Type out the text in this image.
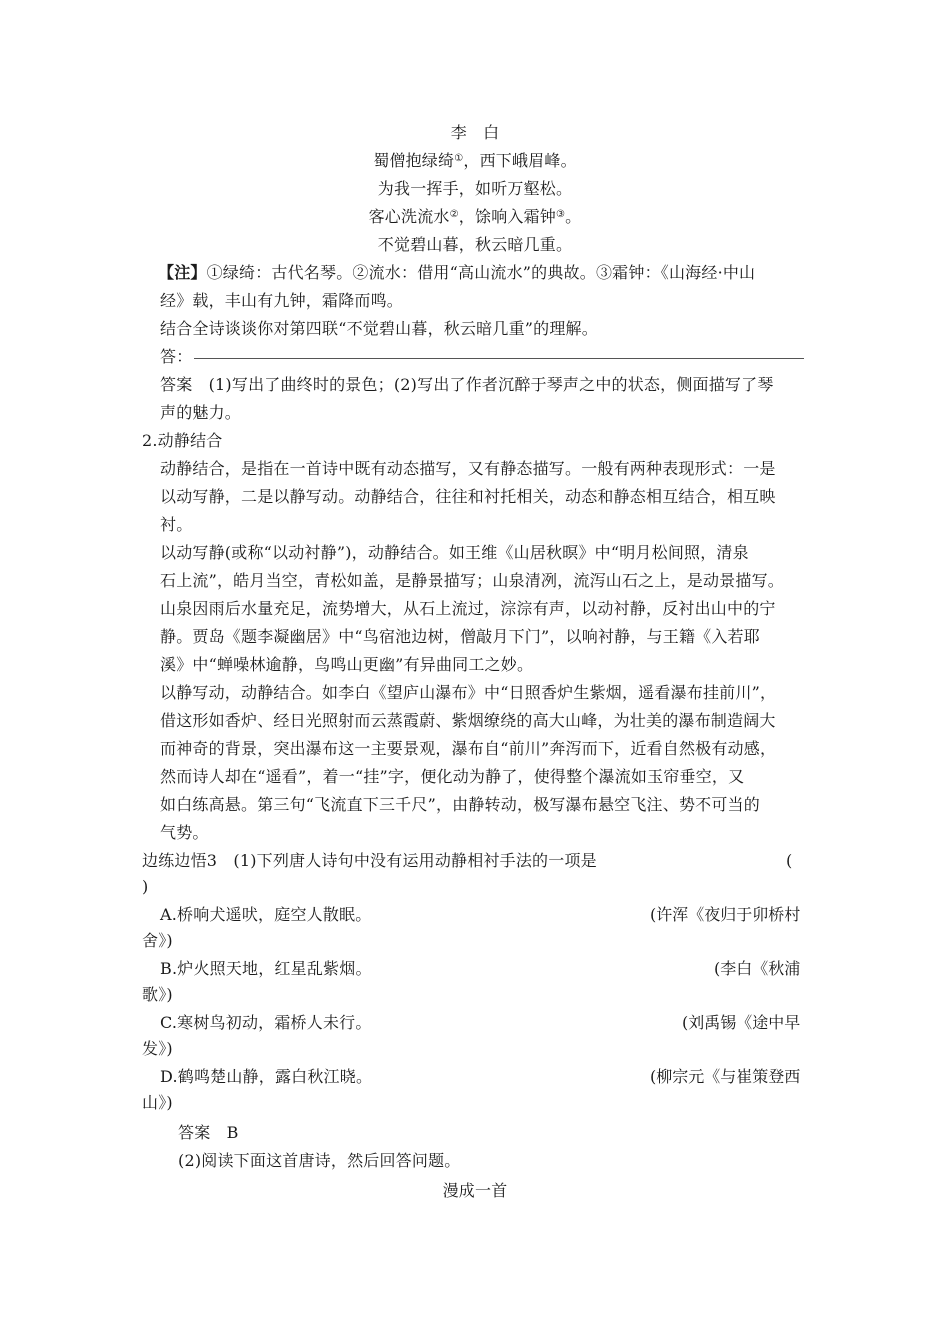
李　白
蜀僧抱绿绮①，西下峨眉峰。
为我一挥手，如听万壑松。
客心洗流水②，馀响入霜钟③。
不觉碧山暮，秋云暗几重。
【注】①绿绮：古代名琴。②流水：借用“高山流水”的典故。③霜钟：《山海经·中山
经》载，丰山有九钟，霜降而鸣。
结合全诗谈谈你对第四联“不觉碧山暮，秋云暗几重”的理解。
答：
答案　(1)写出了曲终时的景色；(2)写出了作者沉醉于琴声之中的状态，侧面描写了琴
声的魅力。
2.动静结合
动静结合，是指在一首诗中既有动态描写，又有静态描写。一般有两种表现形式：一是
以动写静，二是以静写动。动静结合，往往和衬托相关，动态和静态相互结合，相互映
衬。
以动写静(或称“以动衬静”)，动静结合。如王维《山居秋暝》中“明月松间照，清泉
石上流”，皓月当空，青松如盖，是静景描写；山泉清冽，流泻山石之上，是动景描写。
山泉因雨后水量充足，流势增大，从石上流过，淙淙有声，以动衬静，反衬出山中的宁
静。贾岛《题李凝幽居》中“鸟宿池边树，僧敲月下门”，以响衬静，与王籍《入若耶
溪》中“蝉噪林逾静，鸟鸣山更幽”有异曲同工之妙。
以静写动，动静结合。如李白《望庐山瀑布》中“日照香炉生紫烟，遥看瀑布挂前川”，
借这形如香炉、经日光照射而云蒸霞蔚、紫烟缭绕的高大山峰，为壮美的瀑布制造阔大
而神奇的背景，突出瀑布这一主要景观，瀑布自“前川”奔泻而下，近看自然极有动感，
然而诗人却在“遥看”，着一“挂”字，便化动为静了，使得整个瀑流如玉帘垂空，又
如白练高悬。第三句“飞流直下三千尺”，由静转动，极写瀑布悬空飞注、势不可当的
气势。
边练边悟3　(1)下列唐人诗句中没有运用动静相衬手法的一项是	(
)
A.桥响犬遥吠，庭空人散眠。	(许浑《夜归于卯桥村
舍》)
B.炉火照天地，红星乱紫烟。	(李白《秋浦
歌》)
C.寒树鸟初动，霜桥人未行。	(刘禹锡《途中早
发》)
D.鹤鸣楚山静，露白秋江晓。	(柳宗元《与崔策登西
山》)
答案　B
(2)阅读下面这首唐诗，然后回答问题。
漫成一首
